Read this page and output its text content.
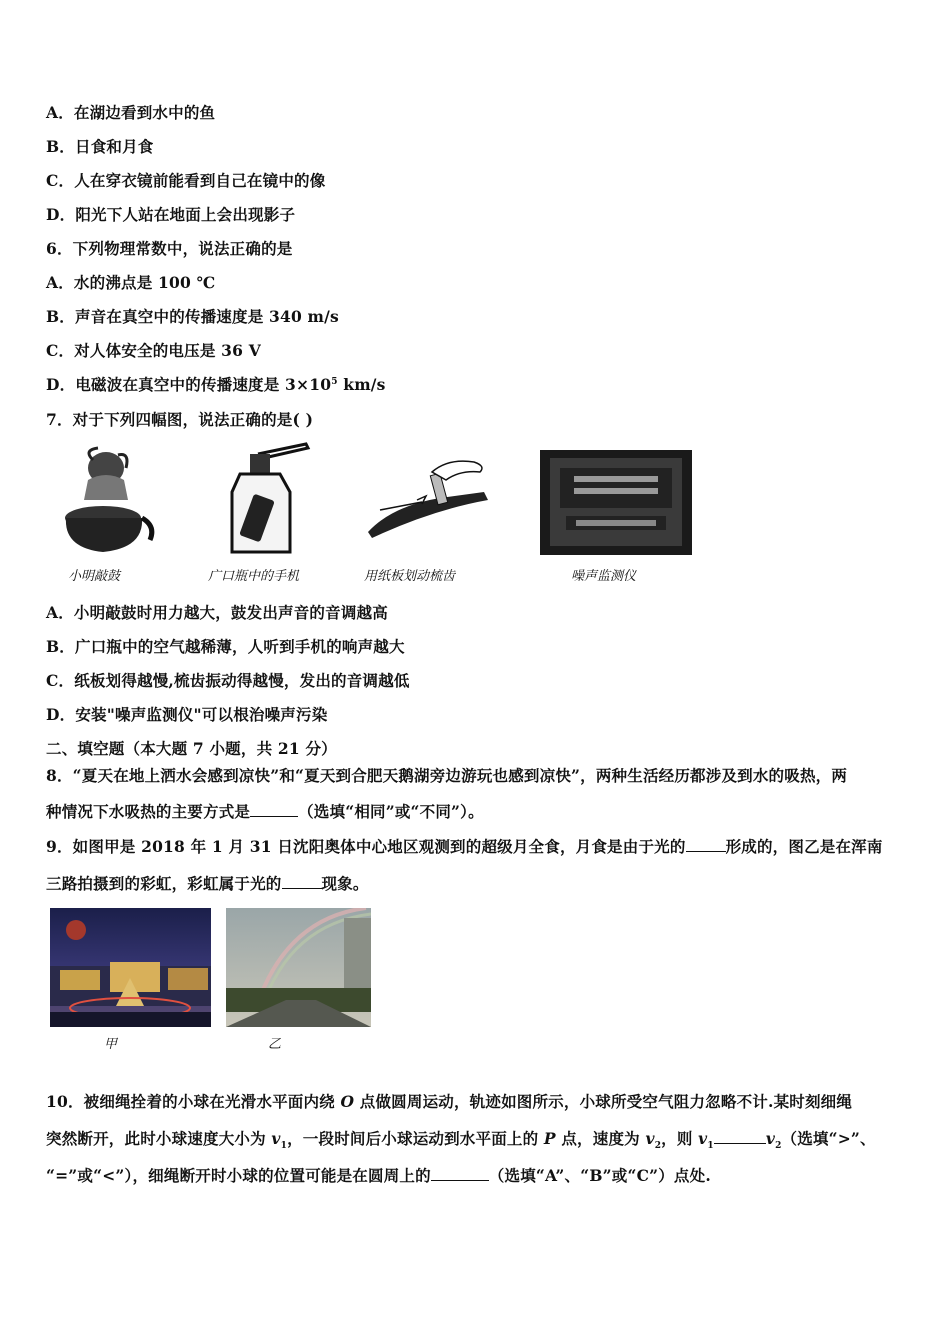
A．在湖边看到水中的鱼
B．日食和月食
C．人在穿衣镜前能看到自己在镜中的像
D．阳光下人站在地面上会出现影子
6．下列物理常数中，说法正确的是
A．水的沸点是 100 ℃
B．声音在真空中的传播速度是 340 m/s
C．对人体安全的电压是 36 V
D．电磁波在真空中的传播速度是 $3\times 10^5$ km/s
7．对于下列四幅图，说法正确的是( )
小明敲鼓	广口瓶中的手机	用纸板划动梳齿	噪声监测仪
A．小明敲鼓时用力越大，鼓发出声音的音调越高
B．广口瓶中的空气越稀薄，人听到手机的响声越大
C．纸板划得越慢,梳齿振动得越慢，发出的音调越低
D．安装"噪声监测仪"可以根治噪声污染
二、填空题（本大题 7 小题，共 21 分）
8．“夏天在地上洒水会感到凉快”和“夏天到合肥天鹅湖旁边游玩也感到凉快”，两种生活经历都涉及到水的吸热，两
种情况下水吸热的主要方式是	（选填“相同”或“不同”）。
9．如图甲是 2018 年 1 月 31 日沈阳奥体中心地区观测到的超级月全食，月食是由于光的	形成的，图乙是在浑南
三路拍摄到的彩虹，彩虹属于光的	现象。
甲	乙
10．被细绳拴着的小球在光滑水平面内绕 O 点做圆周运动，轨迹如图所示，小球所受空气阻力忽略不计.某时刻细绳
突然断开，此时小球速度大小为 $v_1$，一段时间后小球运动到水平面上的 P 点，速度为 $v_2$，则 $v_1$	$v_2$（选填“>”、
“=”或“<”），细绳断开时小球的位置可能是在圆周上的	（选填“A”、“B”或“C”）点处.
